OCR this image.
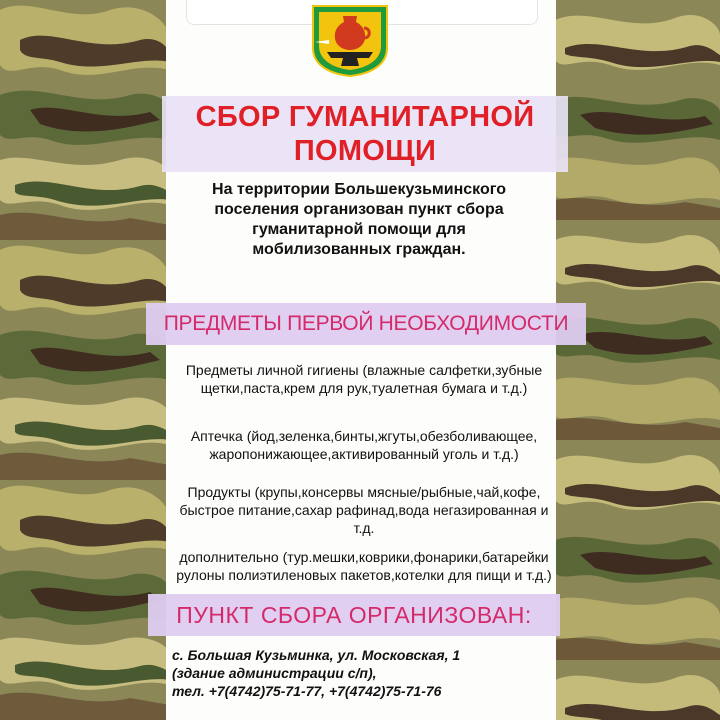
СБОР ГУМАНИТАРНОЙ
ПОМОЩИ
На территории Большекузьминского
поселения организован пункт сбора
гуманитарной помощи для
мобилизованных граждан.
ПРЕДМЕТЫ ПЕРВОЙ НЕОБХОДИМОСТИ
Предметы личной гигиены (влажные салфетки,зубные
щетки,паста,крем для рук,туалетная бумага и т.д.)
Аптечка (йод,зеленка,бинты,жгуты,обезболивающее,
жаропонижающее,активированный уголь и т.д.)
Продукты (крупы,консервы мясные/рыбные,чай,кофе,
быстрое питание,сахар рафинад,вода негазированная и
т.д.
дополнительно (тур.мешки,коврики,фонарики,батарейки
рулоны полиэтиленовых пакетов,котелки для пищи и т.д.)
ПУНКТ СБОРА ОРГАНИЗОВАН:
с. Большая Кузьминка, ул. Московская, 1
(здание администрации с/п),
тел. +7(4742)75-71-77, +7(4742)75-71-76
